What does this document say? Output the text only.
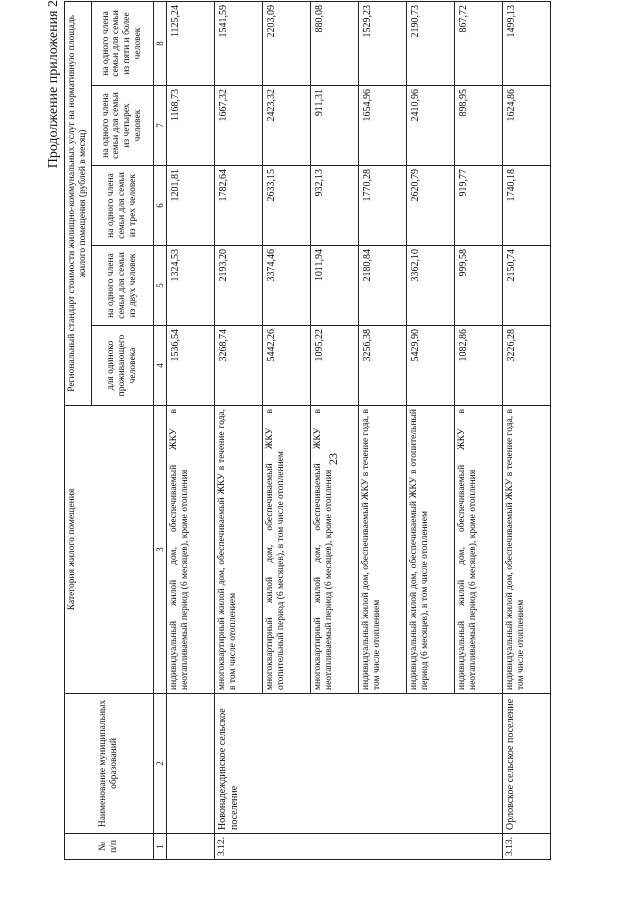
23
Продолжение приложения 2
№ п/п	Наименование муниципальных образований	Категория жилого помещения	Региональный стандарт стоимости жилищно-коммунальных услуг на нормативную площадь жилого помещения (рублей в месяц)				
			для одиноко проживающего человека	на одного члена семьи для семьи из двух человек	на одного члена семьи для семьи из трех человек	на одного члена семьи для семьи из четырех человек	на одного члена семьи для семьи из пяти и более человек
1	2	3	4	5	6	7	8
		индивидуальный жилой дом, обеспечиваемый ЖКУ в неотапливаемый период (6 месяцев), кроме отопления	1536,54	1324,53	1201,81	1168,73	1125,24
3.12.	Новонадеждинское сельское поселение	многоквартирный жилой дом, обеспечиваемый ЖКУ в течение года, в том числе отоплением	3268,74	2193,20	1782,64	1667,32	1541,59
		многоквартирный жилой дом, обеспечиваемый ЖКУ в отопительный период (6 месяцев), в том числе отоплением	5442,26	3374,46	2633,15	2423,32	2203,09
		многоквартирный жилой дом, обеспечиваемый ЖКУ в неотапливаемый период (6 месяцев), кроме отопления	1095,22	1011,94	932,13	911,31	880,08
		индивидуальный жилой дом, обеспечиваемый ЖКУ в течение года, в том числе отоплением	3256,38	2180,84	1770,28	1654,96	1529,23
		индивидуальный жилой дом, обеспечиваемый ЖКУ в отопительный период (6 месяцев), в том числе отоплением	5429,90	3362,10	2620,79	2410,96	2190,73
		индивидуальный жилой дом, обеспечиваемый ЖКУ в неотапливаемый период (6 месяцев), кроме отопления	1082,86	999,58	919,77	898,95	867,72
3.13.	Орловское сельское поселение	индивидуальный жилой дом, обеспечиваемый ЖКУ в течение года, в том числе отоплением	3226,28	2150,74	1740,18	1624,86	1499,13
